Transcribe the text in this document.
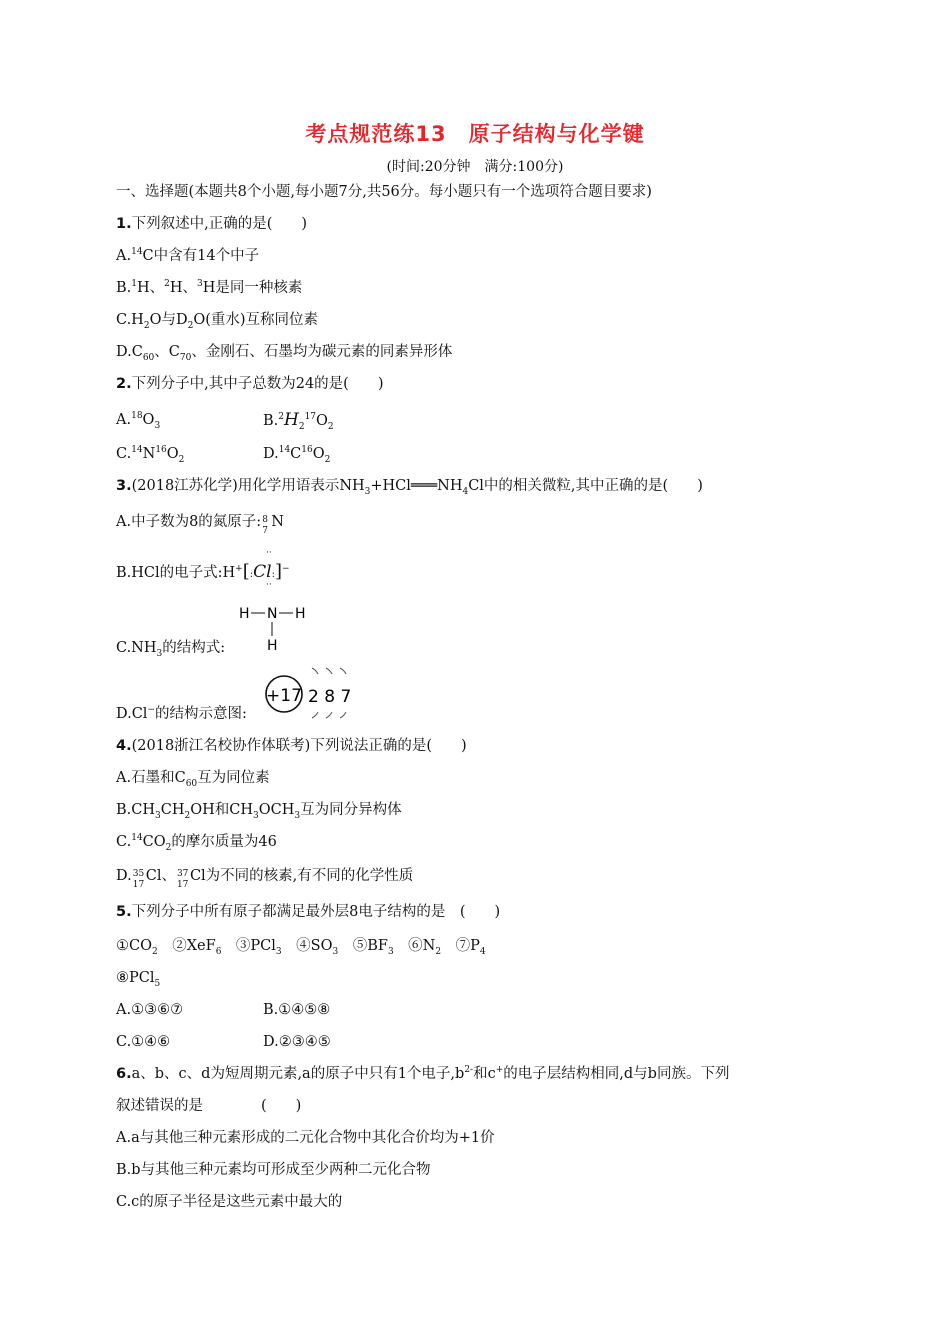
考点规范练13　原子结构与化学键
(时间:20分钟　满分:100分)
一、选择题(本题共8个小题,每小题7分,共56分。每小题只有一个选项符合题目要求)
1.下列叙述中,正确的是(　　)
A.$^{14}$C中含有14个中子
B.$^1$H、$^2$H、$^3$H是同一种核素
$C.H_2O$与$D_2O$(重水)互称同位素
$D.C_{60}$、$C_{70}$、金刚石、石墨均为碳元素的同素异形体
2.下列分子中,其中子总数为24的是(　　)
$A.^{18}O_3$	$B.^2H_2^{17}O_2$
$C.^{14}N^{16}O_2$	$D.^{14}C^{16}O_2$
3.(2018江苏化学)用化学用语表示$NH_3+HCl═══NH_4Cl$中的相关微粒,其中正确的是(　　)
A.中子数为8的氮原子: 8
7
N
B.HCl的电子式:H+[:Cl:]−
··
··
$C.NH_3$的结构式:
H N H
H
D.Cl−的结构示意图:
+17 2 8 7
4.(2018浙江名校协作体联考)下列说法正确的是(　　)
A.石墨和$C_{60}$互为同位素
$B.CH_3CH_2OH$和$CH_3OCH_3$互为同分异构体
$C.^{14}CO_2$的摩尔质量为46
D. 35
17
Cl、 37
17
Cl为不同的核素,有不同的化学性质
5.下列分子中所有原子都满足最外层8电子结构的是　(　　)
$①CO_2$　②XeF$_6$　③PCl$_3$　$④SO_3$　$⑤BF_3$　$⑥N_2$　$⑦P_4$
⑧PCl$_5$
A.①③⑥⑦	B.①④⑤⑧
C.①④⑥	D.②③④⑤
6.a、b、c、d为短周期元素,a的原子中只有1个电子$,b^{2-}$和c+的电子层结构相同,d与b同族。下列
叙述错误的是　　　　(　　)
A.a与其他三种元素形成的二元化合物中其化合价均为+1价
B.b与其他三种元素均可形成至少两种二元化合物
C.c的原子半径是这些元素中最大的
